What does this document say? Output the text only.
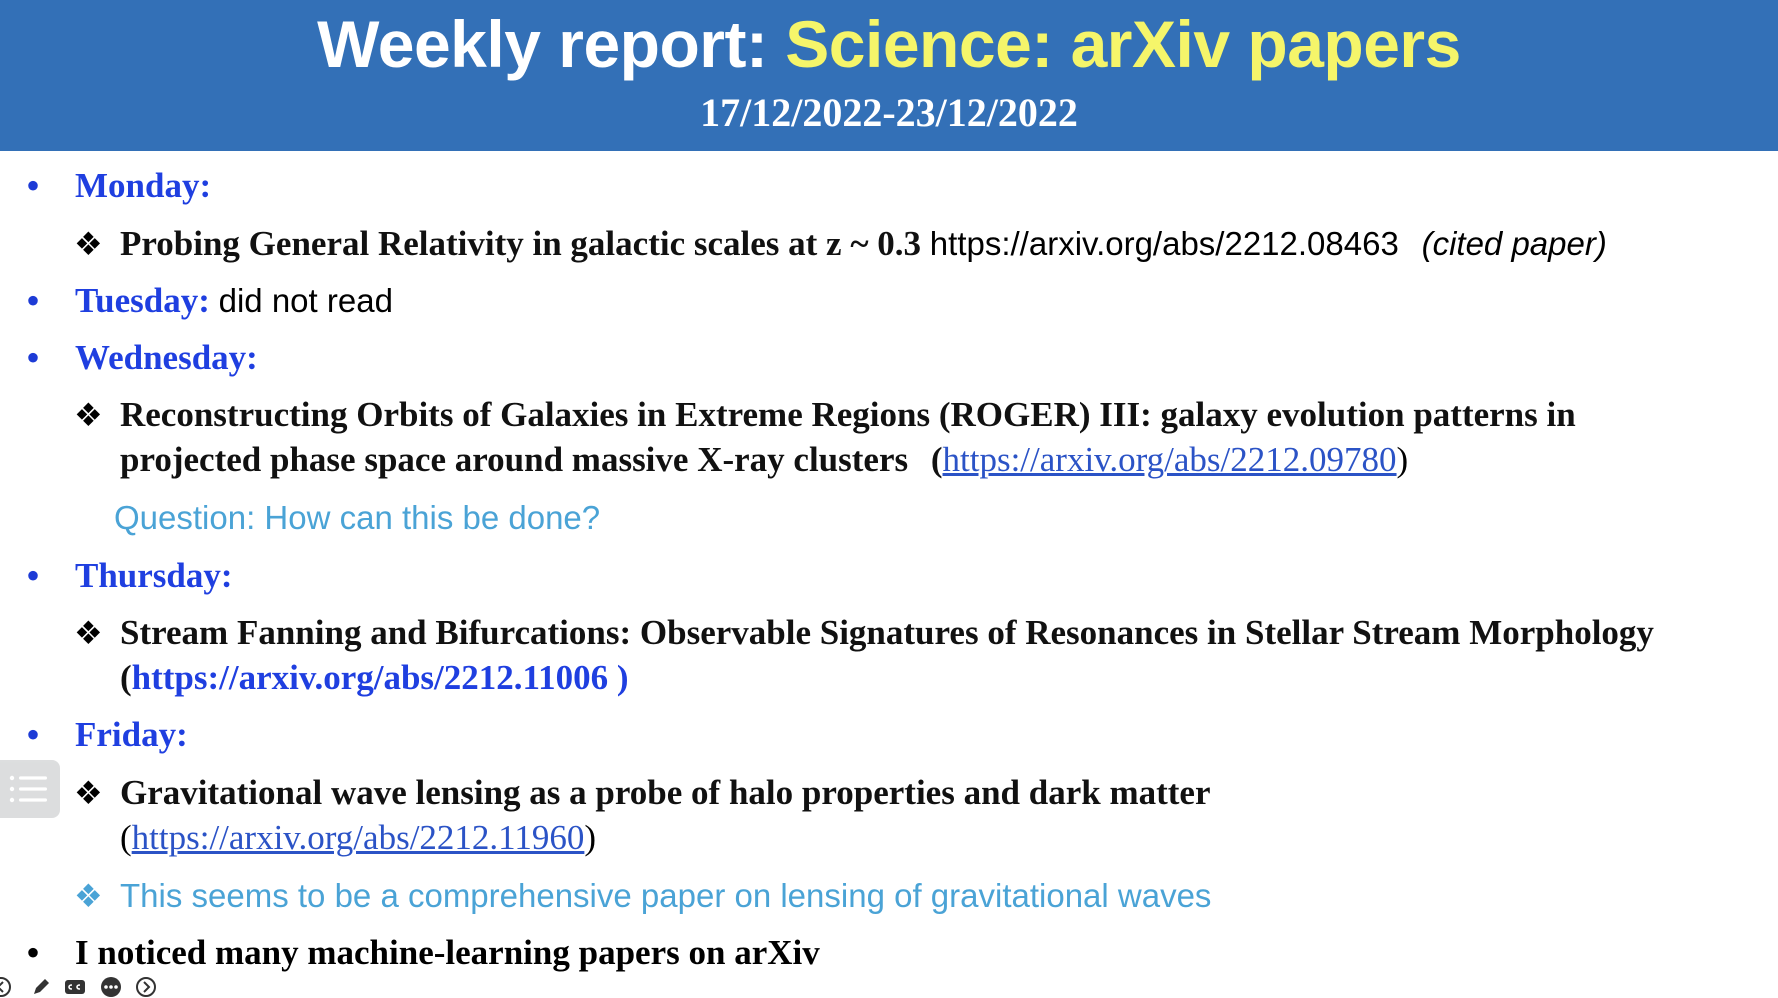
Weekly report: Science: arXiv papers
17/12/2022-23/12/2022
• Monday:
❖ Probing General Relativity in galactic scales at z ~ 0.3 https://arxiv.org/abs/2212.08463 (cited paper)
• Tuesday: did not read
• Wednesday:
❖ Reconstructing Orbits of Galaxies in Extreme Regions (ROGER) III: galaxy evolution patterns in
projected phase space around massive X-ray clusters (https://arxiv.org/abs/2212.09780)
Question: How can this be done?
• Thursday:
❖ Stream Fanning and Bifurcations: Observable Signatures of Resonances in Stellar Stream Morphology
(https://arxiv.org/abs/2212.11006 )
• Friday:
❖ Gravitational wave lensing as a probe of halo properties and dark matter
(https://arxiv.org/abs/2212.11960)
❖ This seems to be a comprehensive paper on lensing of gravitational waves
• I noticed many machine-learning papers on arXiv
